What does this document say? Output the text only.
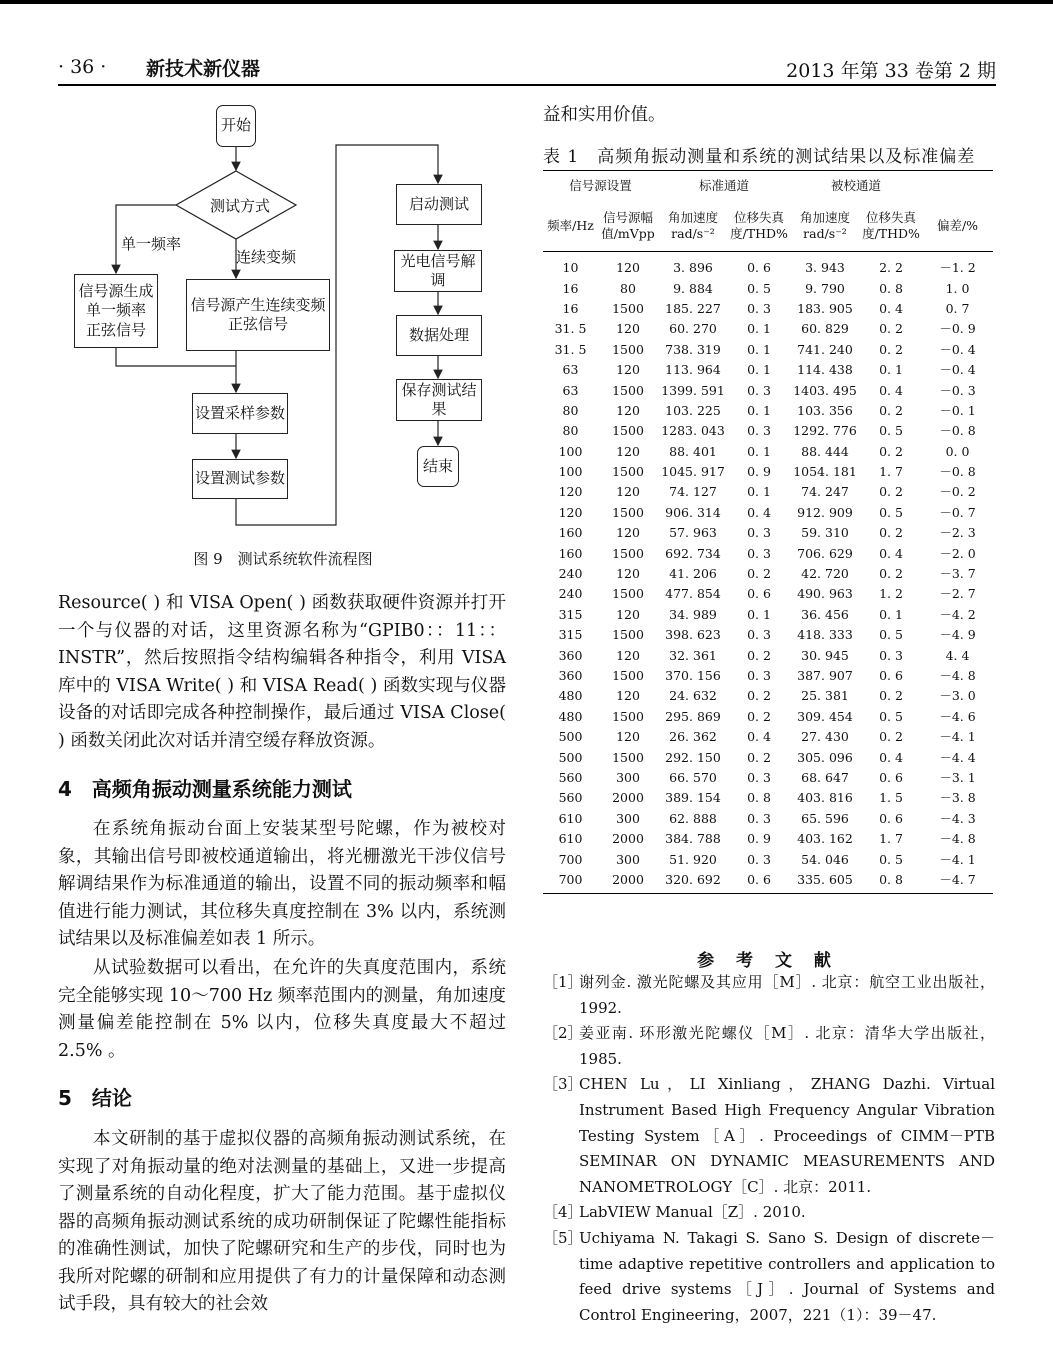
· 36 · 新技术新仪器	2013 年第 33 卷第 2 期
开始
测试方式
单一频率
连续变频
信号源生成
单一频率
正弦信号
信号源产生连续变频
正弦信号
设置采样参数
设置测试参数
启动测试
光电信号解调
数据处理
保存测试结果
结束
图 9　测试系统软件流程图
Resource( ) 和 VISA Open( ) 函数获取硬件资源并打开一个与仪器的对话，这里资源名称为“GPIB0：：11：：INSTR”，然后按照指令结构编辑各种指令，利用 VISA 库中的 VISA Write( ) 和 VISA Read( ) 函数实现与仪器设备的对话即完成各种控制操作，最后通过 VISA Close( ) 函数关闭此次对话并清空缓存释放资源。
4　高频角振动测量系统能力测试
在系统角振动台面上安装某型号陀螺，作为被校对象，其输出信号即被校通道输出，将光栅激光干涉仪信号解调结果作为标准通道的输出，设置不同的振动频率和幅值进行能力测试，其位移失真度控制在 3% 以内，系统测试结果以及标准偏差如表 1 所示。
从试验数据可以看出，在允许的失真度范围内，系统完全能够实现 10～700 Hz 频率范围内的测量，角加速度测量偏差能控制在 5% 以内，位移失真度最大不超过 2.5% 。
5　结论
本文研制的基于虚拟仪器的高频角振动测试系统，在实现了对角振动量的绝对法测量的基础上，又进一步提高了测量系统的自动化程度，扩大了能力范围。基于虚拟仪器的高频角振动测试系统的成功研制保证了陀螺性能指标的准确性测试，加快了陀螺研究和生产的步伐，同时也为我所对陀螺的研制和应用提供了有力的计量保障和动态测试手段，具有较大的社会效
益和实用价值。
表 1　高频角振动测量和系统的测试结果以及标准偏差
信号源设置		标准通道		被校通道		
频率/Hz	信号源幅值/mVpp	角加速度 rad/s⁻²	位移失真度/THD%	角加速度 rad/s⁻²	位移失真度/THD%	偏差/%
10	120	3. 896	0. 6	3. 943	2. 2	－1. 2
16	80	9. 884	0. 5	9. 790	0. 8	1. 0
16	1500	185. 227	0. 3	183. 905	0. 4	0. 7
31. 5	120	60. 270	0. 1	60. 829	0. 2	－0. 9
31. 5	1500	738. 319	0. 1	741. 240	0. 2	－0. 4
63	120	113. 964	0. 1	114. 438	0. 1	－0. 4
63	1500	1399. 591	0. 3	1403. 495	0. 4	－0. 3
80	120	103. 225	0. 1	103. 356	0. 2	－0. 1
80	1500	1283. 043	0. 3	1292. 776	0. 5	－0. 8
100	120	88. 401	0. 1	88. 444	0. 2	0. 0
100	1500	1045. 917	0. 9	1054. 181	1. 7	－0. 8
120	120	74. 127	0. 1	74. 247	0. 2	－0. 2
120	1500	906. 314	0. 4	912. 909	0. 5	－0. 7
160	120	57. 963	0. 3	59. 310	0. 2	－2. 3
160	1500	692. 734	0. 3	706. 629	0. 4	－2. 0
240	120	41. 206	0. 2	42. 720	0. 2	－3. 7
240	1500	477. 854	0. 6	490. 963	1. 2	－2. 7
315	120	34. 989	0. 1	36. 456	0. 1	－4. 2
315	1500	398. 623	0. 3	418. 333	0. 5	－4. 9
360	120	32. 361	0. 2	30. 945	0. 3	4. 4
360	1500	370. 156	0. 3	387. 907	0. 6	－4. 8
480	120	24. 632	0. 2	25. 381	0. 2	－3. 0
480	1500	295. 869	0. 2	309. 454	0. 5	－4. 6
500	120	26. 362	0. 4	27. 430	0. 2	－4. 1
500	1500	292. 150	0. 2	305. 096	0. 4	－4. 4
560	300	66. 570	0. 3	68. 647	0. 6	－3. 1
560	2000	389. 154	0. 8	403. 816	1. 5	－3. 8
610	300	62. 888	0. 3	65. 596	0. 6	－4. 3
610	2000	384. 788	0. 9	403. 162	1. 7	－4. 8
700	300	51. 920	0. 3	54. 046	0. 5	－4. 1
700	2000	320. 692	0. 6	335. 605	0. 8	－4. 7
参 考 文 献
［1］
谢列金. 激光陀螺及其应用［M］. 北京：航空工业出版社，1992.
［2］
姜亚南. 环形激光陀螺仪［M］. 北京：清华大学出版社，1985.
［3］
CHEN Lu，LI Xinliang，ZHANG Dazhi. Virtual Instrument Based High Frequency Angular Vibration Testing System［A］. Proceedings of CIMM－PTB SEMINAR ON DYNAMIC MEASUREMENTS AND NANOMETROLOGY［C］. 北京：2011.
［4］
LabVIEW Manual［Z］. 2010.
［5］
Uchiyama N. Takagi S. Sano S. Design of discrete－time adaptive repetitive controllers and application to feed drive systems［J］. Journal of Systems and Control Engineering，2007，221（1）：39－47.
